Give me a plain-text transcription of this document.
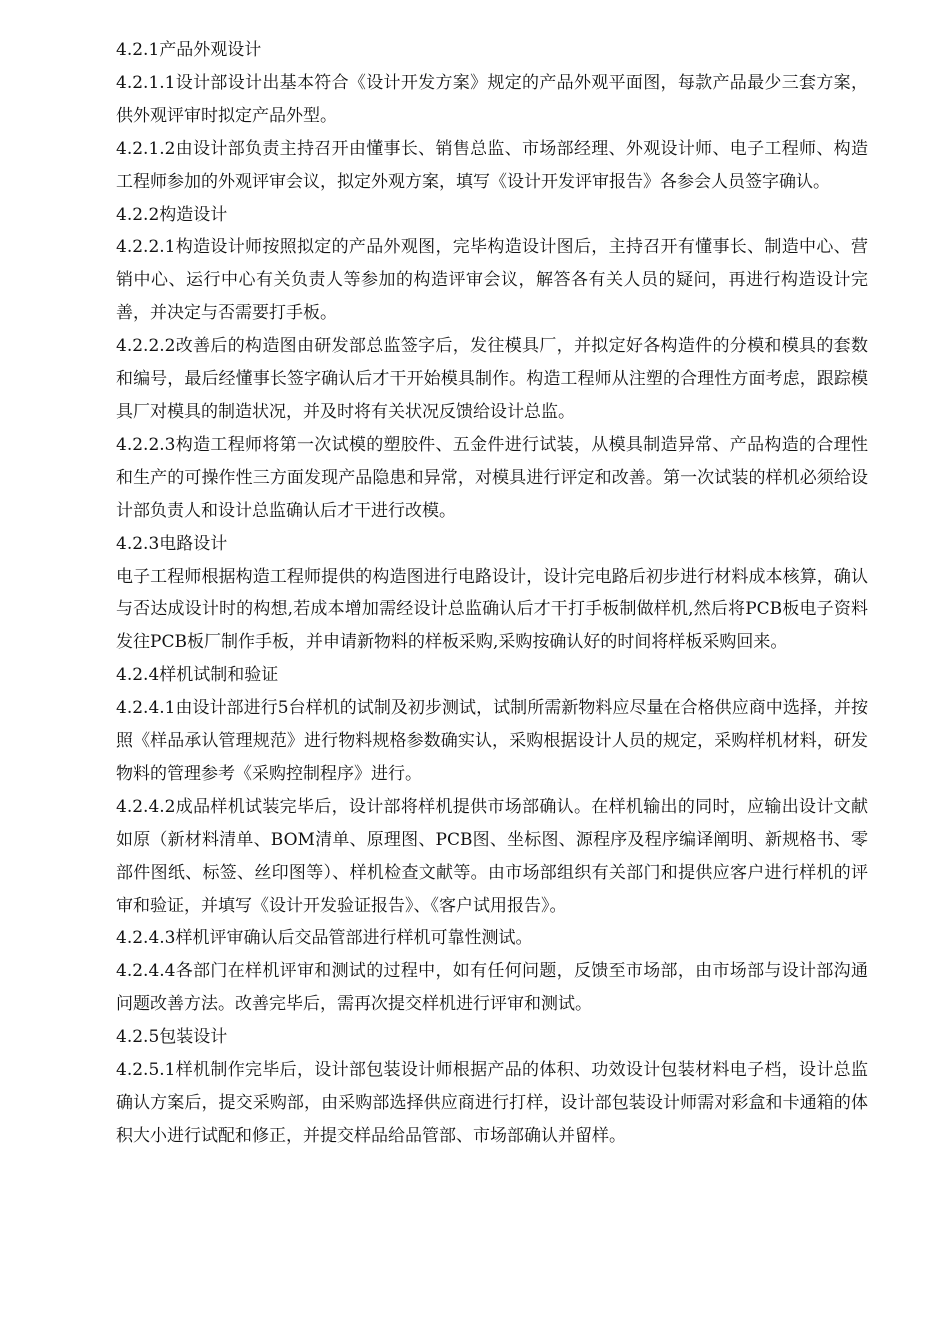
4.2.1产品外观设计

4.2.1.1设计部设计出基本符合《设计开发方案》规定的产品外观平面图，每款产品最少三套方案，供外观评审时拟定产品外型。

4.2.1.2由设计部负责主持召开由懂事长、销售总监、市场部经理、外观设计师、电子工程师、构造工程师参加的外观评审会议，拟定外观方案，填写《设计开发评审报告》各参会人员签字确认。

4.2.2构造设计

4.2.2.1构造设计师按照拟定的产品外观图，完毕构造设计图后，主持召开有懂事长、制造中心、营销中心、运行中心有关负责人等参加的构造评审会议，解答各有关人员的疑问，再进行构造设计完善，并决定与否需要打手板。

4.2.2.2改善后的构造图由研发部总监签字后，发往模具厂，并拟定好各构造件的分模和模具的套数和编号，最后经懂事长签字确认后才干开始模具制作。构造工程师从注塑的合理性方面考虑，跟踪模具厂对模具的制造状况，并及时将有关状况反馈给设计总监。

4.2.2.3构造工程师将第一次试模的塑胶件、五金件进行试装，从模具制造异常、产品构造的合理性和生产的可操作性三方面发现产品隐患和异常，对模具进行评定和改善。第一次试装的样机必须给设计部负责人和设计总监确认后才干进行改模。

4.2.3电路设计

电子工程师根据构造工程师提供的构造图进行电路设计，设计完电路后初步进行材料成本核算，确认与否达成设计时的构想,若成本增加需经设计总监确认后才干打手板制做样机,然后将PCB板电子资料发往PCB板厂制作手板，并申请新物料的样板采购,采购按确认好的时间将样板采购回来。

4.2.4样机试制和验证

4.2.4.1由设计部进行5台样机的试制及初步测试，试制所需新物料应尽量在合格供应商中选择，并按照《样品承认管理规范》进行物料规格参数确实认，采购根据设计人员的规定，采购样机材料，研发物料的管理参考《采购控制程序》进行。

4.2.4.2成品样机试装完毕后，设计部将样机提供市场部确认。在样机输出的同时，应输出设计文献如原（新材料清单、BOM清单、原理图、PCB图、坐标图、源程序及程序编译阐明、新规格书、零部件图纸、标签、丝印图等）、样机检查文献等。由市场部组织有关部门和提供应客户进行样机的评审和验证，并填写《设计开发验证报告》、《客户试用报告》。

4.2.4.3样机评审确认后交品管部进行样机可靠性测试。

4.2.4.4各部门在样机评审和测试的过程中，如有任何问题，反馈至市场部，由市场部与设计部沟通问题改善方法。改善完毕后，需再次提交样机进行评审和测试。

4.2.5包装设计

4.2.5.1样机制作完毕后，设计部包装设计师根据产品的体积、功效设计包装材料电子档，设计总监确认方案后，提交采购部，由采购部选择供应商进行打样，设计部包装设计师需对彩盒和卡通箱的体积大小进行试配和修正，并提交样品给品管部、市场部确认并留样。
